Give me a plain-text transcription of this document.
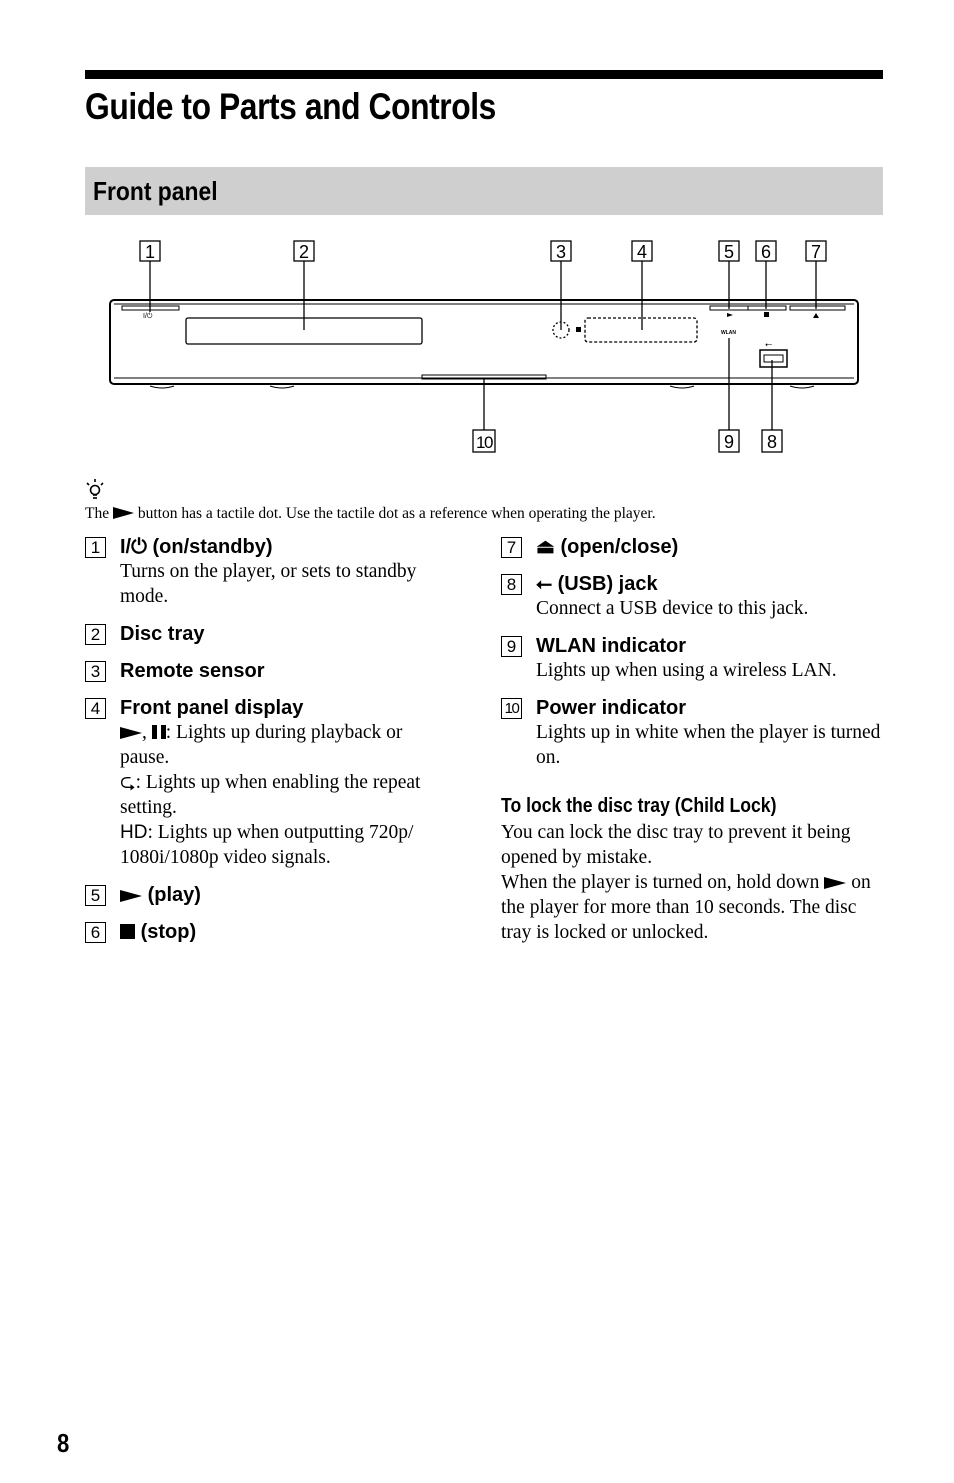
Guide to Parts and Controls
Front panel
I/⏻
WLAN
⭠
1	2	3	4	5 6 7
10	9 8
The button has a tactile dot. Use the tactile dot as a reference when operating the player.
1 I/⏻ (on/standby)
Turns on the player, or sets to standby mode.
2 Disc tray
3 Remote sensor
4 Front panel display
, : Lights up during playback or pause.
⮎: Lights up when enabling the repeat setting.
HD: Lights up when outputting 720p/ 1080i/1080p video signals.
5	(play)
6	(stop)
7 ⏏ (open/close)
8 ⭠ (USB) jack
Connect a USB device to this jack.
9 WLAN indicator
Lights up when using a wireless LAN.
10 Power indicator
Lights up in white when the player is turned on.
To lock the disc tray (Child Lock)
You can lock the disc tray to prevent it being opened by mistake.
When the player is turned on, hold down on the player for more than 10 seconds. The disc tray is locked or unlocked.
8
